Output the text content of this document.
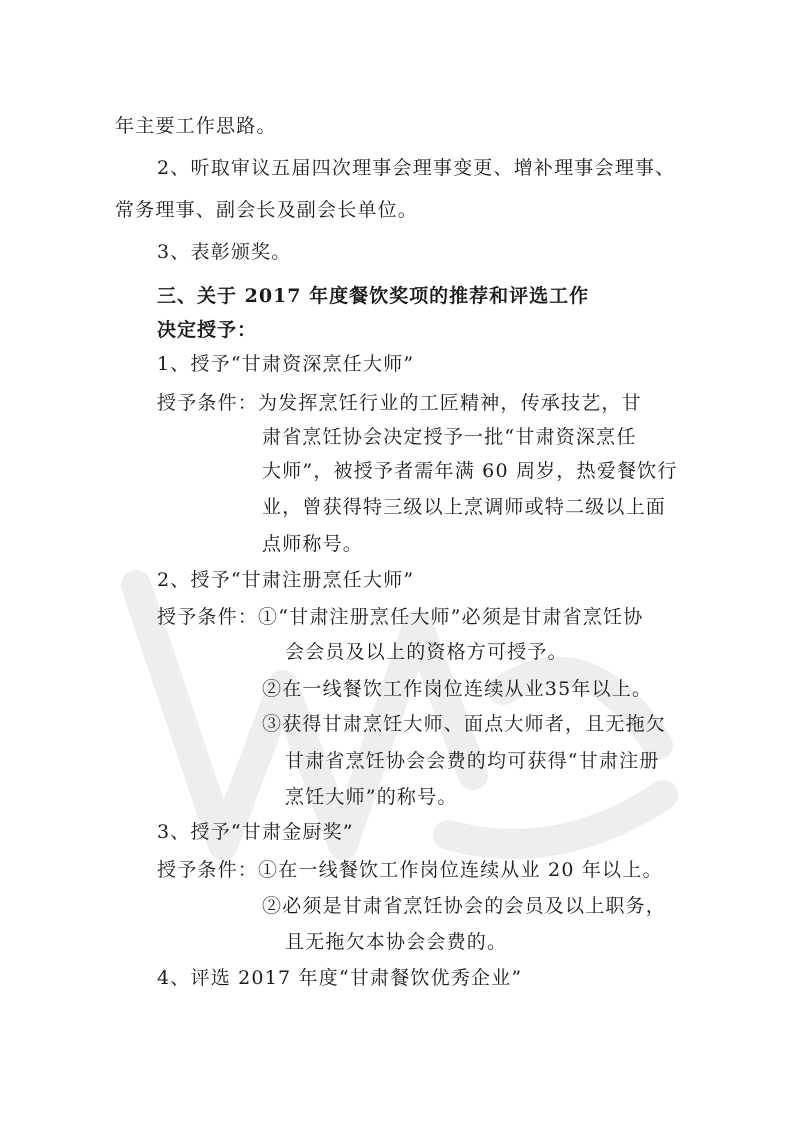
年主要工作思路。
2、听取审议五届四次理事会理事变更、增补理事会理事、
常务理事、副会长及副会长单位。
3、表彰颁奖。
三、关于 2017 年度餐饮奖项的推荐和评选工作
决定授予：
1、授予“甘肃资深烹任大师”
授予条件：为发挥烹饪行业的工匠精神，传承技艺，甘
肃省烹饪协会决定授予一批“甘肃资深烹任
大师”，被授予者需年满 60 周岁，热爱餐饮行
业，曾获得特三级以上烹调师或特二级以上面
点师称号。
2、授予“甘肃注册烹任大师”
授予条件：①“甘肃注册烹任大师”必须是甘肃省烹饪协
会会员及以上的资格方可授予。
②在一线餐饮工作岗位连续从业35年以上。
③获得甘肃烹饪大师、面点大师者，且无拖欠
甘肃省烹饪协会会费的均可获得“甘肃注册
烹饪大师”的称号。
3、授予“甘肃金厨奖”
授予条件：①在一线餐饮工作岗位连续从业 20 年以上。
②必须是甘肃省烹饪协会的会员及以上职务，
且无拖欠本协会会费的。
4、评选 2017 年度“甘肃餐饮优秀企业”
